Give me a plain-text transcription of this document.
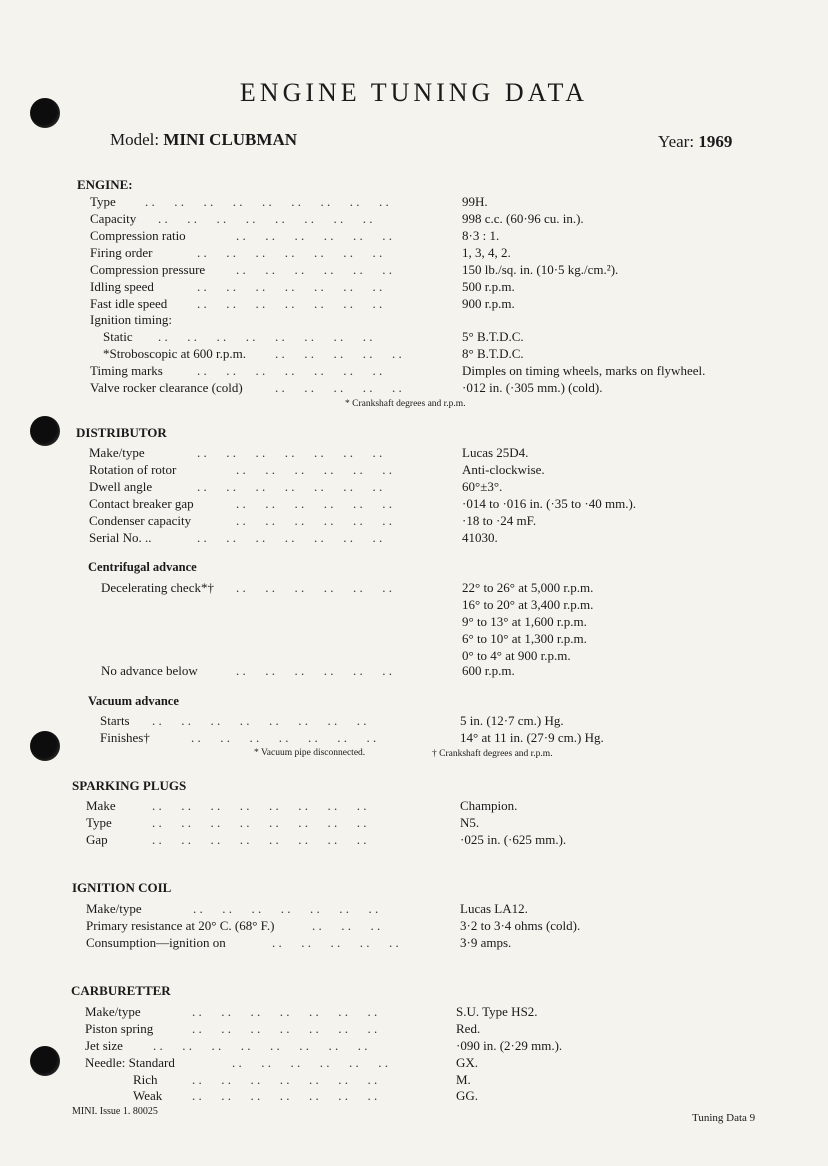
ENGINE TUNING DATA
Model: MINI CLUBMAN	Year: 1969
ENGINE:
Type . .      . .      . .      . .      . .      . .      . .      . .      . .	99H.
Capacity . .      . .      . .      . .      . .      . .      . .      . .	998 c.c. (60·96 cu. in.).
Compression ratio	. .      . .      . .      . .      . .      . .	8·3 : 1.
Firing order	. .      . .      . .      . .      . .      . .      . .	1, 3, 4, 2.
Compression pressure . .      . .      . .      . .      . .      . .	150 lb./sq. in. (10·5 kg./cm.²).
Idling speed	. .      . .      . .      . .      . .      . .      . .	500 r.p.m.
Fast idle speed . .      . .      . .      . .      . .      . .      . .	900 r.p.m.
Ignition timing:
Static . .      . .      . .      . .      . .      . .      . .      . .	5° B.T.D.C.
*Stroboscopic at 600 r.p.m. . .      . .      . .      . .      . .	8° B.T.D.C.
Timing marks	. .      . .      . .      . .      . .      . .      . .	Dimples on timing wheels, marks on flywheel.
Valve rocker clearance (cold) . .      . .      . .      . .      . .	·012 in. (·305 mm.) (cold).
* Crankshaft degrees and r.p.m.
DISTRIBUTOR
Make/type	. .      . .      . .      . .      . .      . .      . .	Lucas 25D4.
Rotation of rotor	. .      . .      . .      . .      . .      . .	Anti-clockwise.
Dwell angle	. .      . .      . .      . .      . .      . .      . .	60°±3°.
Contact breaker gap	. .      . .      . .      . .      . .      . .	·014 to ·016 in. (·35 to ·40 mm.).
Condenser capacity	. .      . .      . .      . .      . .      . .	·18 to ·24 mF.
Serial No. ..	. .      . .      . .      . .      . .      . .      . .	41030.
Centrifugal advance
Decelerating check*† . .      . .      . .      . .      . .      . .	22° to 26° at 5,000 r.p.m.
16° to 20° at 3,400 r.p.m.
9° to 13° at 1,600 r.p.m.
6° to 10° at 1,300 r.p.m.
0° to 4° at 900 r.p.m.
No advance below	. .      . .      . .      . .      . .      . .	600 r.p.m.
Vacuum advance
Starts . .      . .      . .      . .      . .      . .      . .      . .	5 in. (12·7 cm.) Hg.
Finishes†	. .      . .      . .      . .      . .      . .      . .	14° at 11 in. (27·9 cm.) Hg.
* Vacuum pipe disconnected.	† Crankshaft degrees and r.p.m.
SPARKING PLUGS
Make	. .      . .      . .      . .      . .      . .      . .      . .	Champion.
Type	. .      . .      . .      . .      . .      . .      . .      . .	N5.
Gap	. .      . .      . .      . .      . .      . .      . .      . .	·025 in. (·625 mm.).
IGNITION COIL
Make/type	. .      . .      . .      . .      . .      . .      . .	Lucas LA12.
Primary resistance at 20° C. (68° F.)	. .      . .      . .	3·2 to 3·4 ohms (cold).
Consumption—ignition on	. .      . .      . .      . .      . .	3·9 amps.
CARBURETTER
Make/type	. .      . .      . .      . .      . .      . .      . .	S.U. Type HS2.
Piston spring	. .      . .      . .      . .      . .      . .      . .	Red.
Jet size . .      . .      . .      . .      . .      . .      . .      . .	·090 in. (2·29 mm.).
Needle: Standard	. .      . .      . .      . .      . .      . .	GX.
Rich	. .      . .      . .      . .      . .      . .      . .	M.
Weak . .      . .      . .      . .      . .      . .      . .	GG.
MINI. Issue 1. 80025
Tuning Data 9
